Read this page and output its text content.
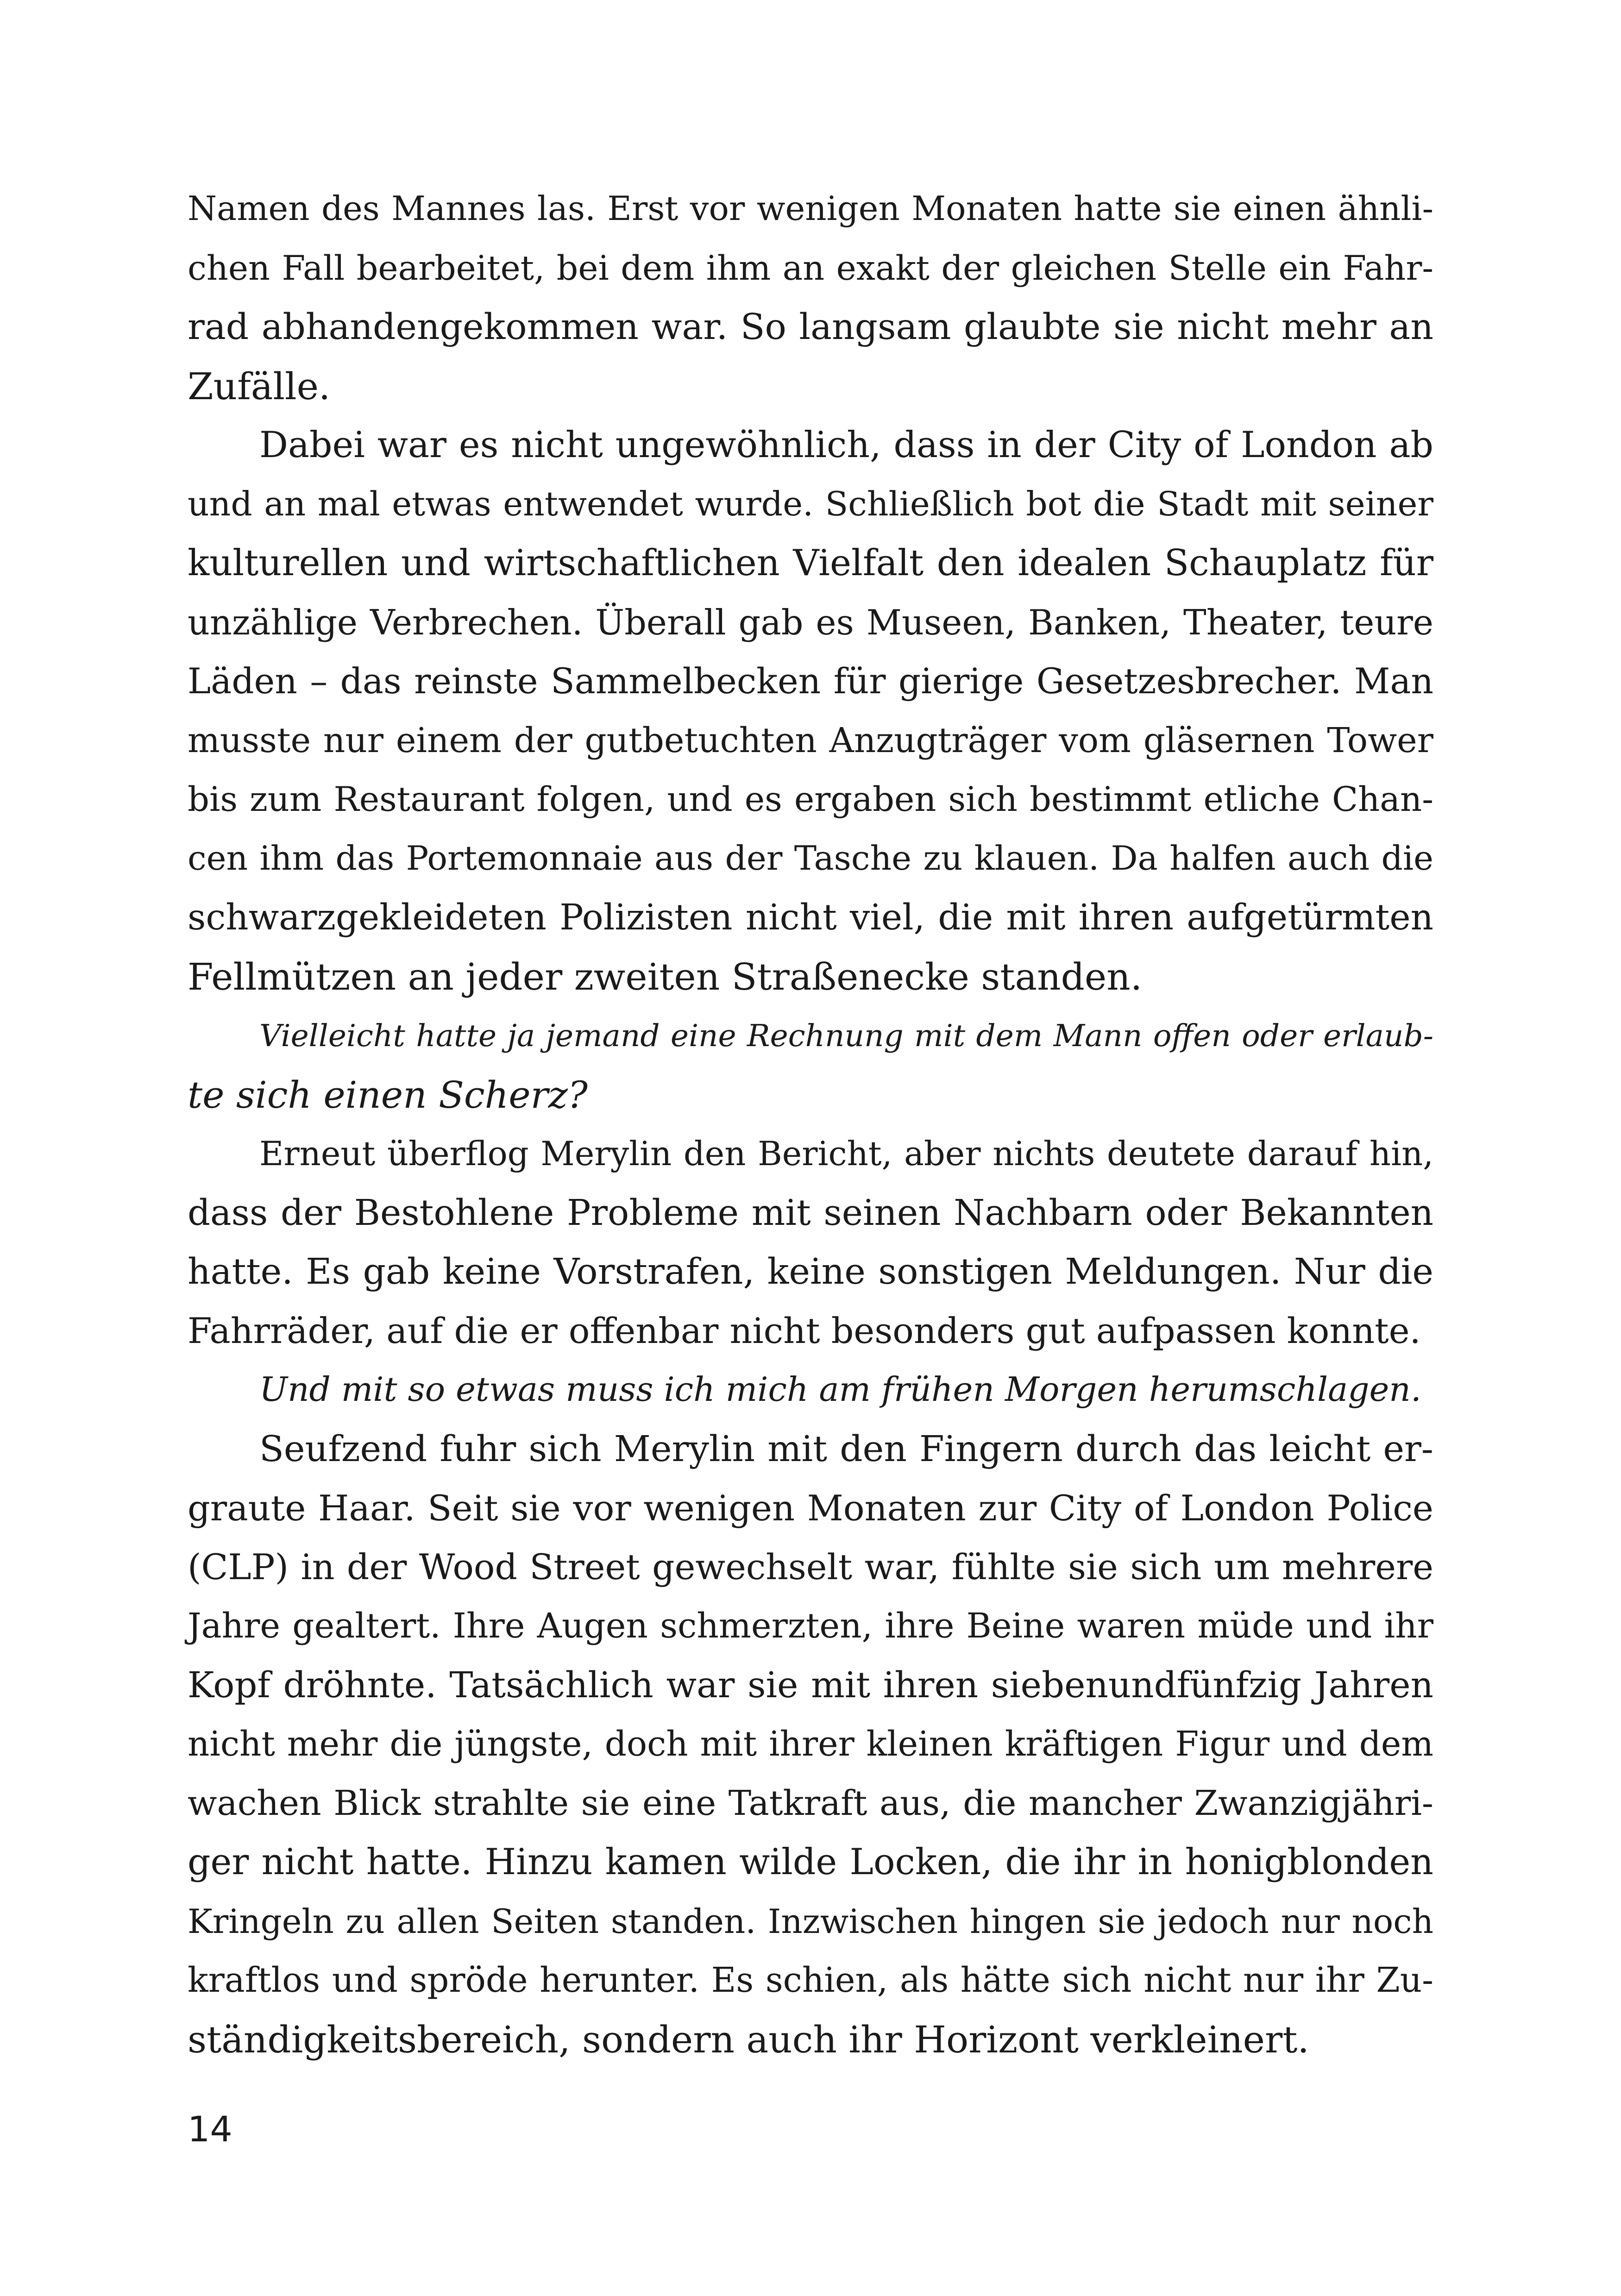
Namen des Mannes las. Erst vor wenigen Monaten hatte sie einen ähnli-
chen Fall bearbeitet, bei dem ihm an exakt der gleichen Stelle ein Fahr-
rad abhandengekommen war. So langsam glaubte sie nicht mehr an
Zufälle.
Dabei war es nicht ungewöhnlich, dass in der City of London ab
und an mal etwas entwendet wurde. Schließlich bot die Stadt mit seiner
kulturellen und wirtschaftlichen Vielfalt den idealen Schauplatz für
unzählige Verbrechen. Überall gab es Museen, Banken, Theater, teure
Läden – das reinste Sammelbecken für gierige Gesetzesbrecher. Man
musste nur einem der gutbetuchten Anzugträger vom gläsernen Tower
bis zum Restaurant folgen, und es ergaben sich bestimmt etliche Chan-
cen ihm das Portemonnaie aus der Tasche zu klauen. Da halfen auch die
schwarzgekleideten Polizisten nicht viel, die mit ihren aufgetürmten
Fellmützen an jeder zweiten Straßenecke standen.
Vielleicht hatte ja jemand eine Rechnung mit dem Mann offen oder erlaub-
te sich einen Scherz?
Erneut überflog Merylin den Bericht, aber nichts deutete darauf hin,
dass der Bestohlene Probleme mit seinen Nachbarn oder Bekannten
hatte. Es gab keine Vorstrafen, keine sonstigen Meldungen. Nur die
Fahrräder, auf die er offenbar nicht besonders gut aufpassen konnte.
Und mit so etwas muss ich mich am frühen Morgen herumschlagen.
Seufzend fuhr sich Merylin mit den Fingern durch das leicht er-
graute Haar. Seit sie vor wenigen Monaten zur City of London Police
(CLP) in der Wood Street gewechselt war, fühlte sie sich um mehrere
Jahre gealtert. Ihre Augen schmerzten, ihre Beine waren müde und ihr
Kopf dröhnte. Tatsächlich war sie mit ihren siebenundfünfzig Jahren
nicht mehr die jüngste, doch mit ihrer kleinen kräftigen Figur und dem
wachen Blick strahlte sie eine Tatkraft aus, die mancher Zwanzigjähri-
ger nicht hatte. Hinzu kamen wilde Locken, die ihr in honigblonden
Kringeln zu allen Seiten standen. Inzwischen hingen sie jedoch nur noch
kraftlos und spröde herunter. Es schien, als hätte sich nicht nur ihr Zu-
ständigkeitsbereich, sondern auch ihr Horizont verkleinert.
14
